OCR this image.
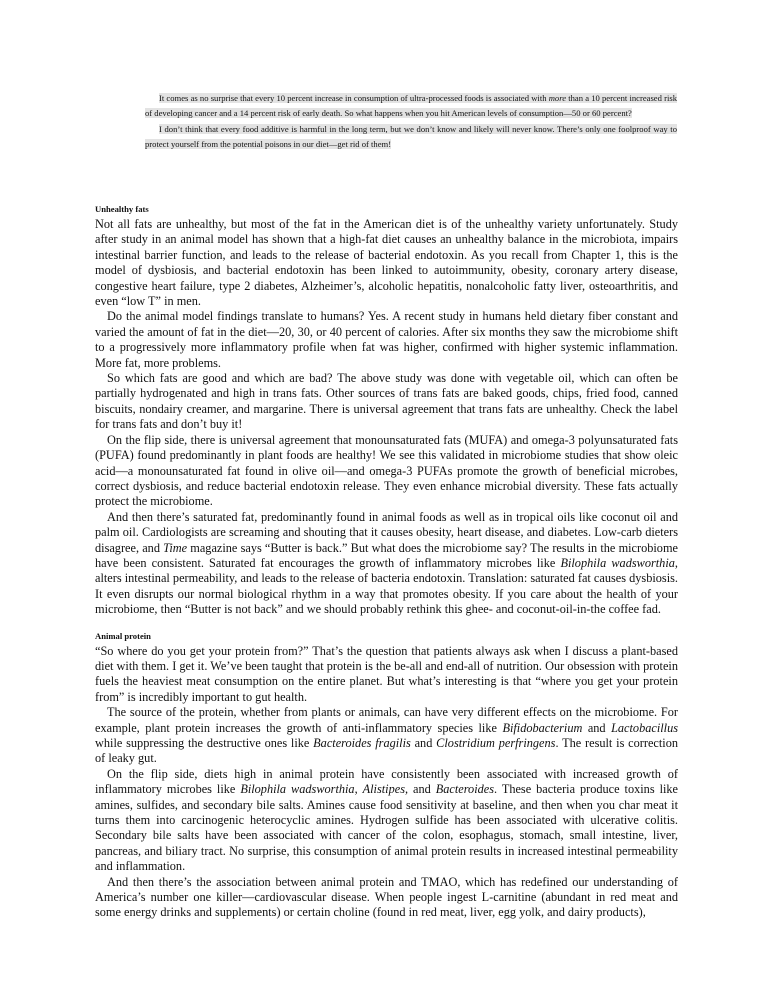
It comes as no surprise that every 10 percent increase in consumption of ultra-processed foods is associated with more than a 10 percent increased risk of developing cancer and a 14 percent risk of early death. So what happens when you hit American levels of consumption—50 or 60 percent?

I don’t think that every food additive is harmful in the long term, but we don’t know and likely will never know. There’s only one foolproof way to protect yourself from the potential poisons in our diet—get rid of them!

Unhealthy fats

Not all fats are unhealthy, but most of the fat in the American diet is of the unhealthy variety unfortunately. Study after study in an animal model has shown that a high-fat diet causes an unhealthy balance in the microbiota, impairs intestinal barrier function, and leads to the release of bacterial endotoxin. As you recall from Chapter 1, this is the model of dysbiosis, and bacterial endotoxin has been linked to autoimmunity, obesity, coronary artery disease, congestive heart failure, type 2 diabetes, Alzheimer’s, alcoholic hepatitis, nonalcoholic fatty liver, osteoarthritis, and even “low T” in men.

Do the animal model findings translate to humans? Yes. A recent study in humans held dietary fiber constant and varied the amount of fat in the diet—20, 30, or 40 percent of calories. After six months they saw the microbiome shift to a progressively more inflammatory profile when fat was higher, confirmed with higher systemic inflammation. More fat, more problems.

So which fats are good and which are bad? The above study was done with vegetable oil, which can often be partially hydrogenated and high in trans fats. Other sources of trans fats are baked goods, chips, fried food, canned biscuits, nondairy creamer, and margarine. There is universal agreement that trans fats are unhealthy. Check the label for trans fats and don’t buy it!

On the flip side, there is universal agreement that monounsaturated fats (MUFA) and omega-3 polyunsaturated fats (PUFA) found predominantly in plant foods are healthy! We see this validated in microbiome studies that show oleic acid—a monounsaturated fat found in olive oil—and omega-3 PUFAs promote the growth of beneficial microbes, correct dysbiosis, and reduce bacterial endotoxin release. They even enhance microbial diversity. These fats actually protect the microbiome.

And then there’s saturated fat, predominantly found in animal foods as well as in tropical oils like coconut oil and palm oil. Cardiologists are screaming and shouting that it causes obesity, heart disease, and diabetes. Low-carb dieters disagree, and Time magazine says “Butter is back.” But what does the microbiome say? The results in the microbiome have been consistent. Saturated fat encourages the growth of inflammatory microbes like Bilophila wadsworthia, alters intestinal permeability, and leads to the release of bacteria endotoxin. Translation: saturated fat causes dysbiosis. It even disrupts our normal biological rhythm in a way that promotes obesity. If you care about the health of your microbiome, then “Butter is not back” and we should probably rethink this ghee- and coconut-oil-in-the coffee fad.

Animal protein

“So where do you get your protein from?” That’s the question that patients always ask when I discuss a plant-based diet with them. I get it. We’ve been taught that protein is the be-all and end-all of nutrition. Our obsession with protein fuels the heaviest meat consumption on the entire planet. But what’s interesting is that “where you get your protein from” is incredibly important to gut health.

The source of the protein, whether from plants or animals, can have very different effects on the microbiome. For example, plant protein increases the growth of anti-inflammatory species like Bifidobacterium and Lactobacillus while suppressing the destructive ones like Bacteroides fragilis and Clostridium perfringens. The result is correction of leaky gut.

On the flip side, diets high in animal protein have consistently been associated with increased growth of inflammatory microbes like Bilophila wadsworthia, Alistipes, and Bacteroides. These bacteria produce toxins like amines, sulfides, and secondary bile salts. Amines cause food sensitivity at baseline, and then when you char meat it turns them into carcinogenic heterocyclic amines. Hydrogen sulfide has been associated with ulcerative colitis. Secondary bile salts have been associated with cancer of the colon, esophagus, stomach, small intestine, liver, pancreas, and biliary tract. No surprise, this consumption of animal protein results in increased intestinal permeability and inflammation.

And then there’s the association between animal protein and TMAO, which has redefined our understanding of America’s number one killer—cardiovascular disease. When people ingest L-carnitine (abundant in red meat and some energy drinks and supplements) or certain choline (found in red meat, liver, egg yolk, and dairy products),
